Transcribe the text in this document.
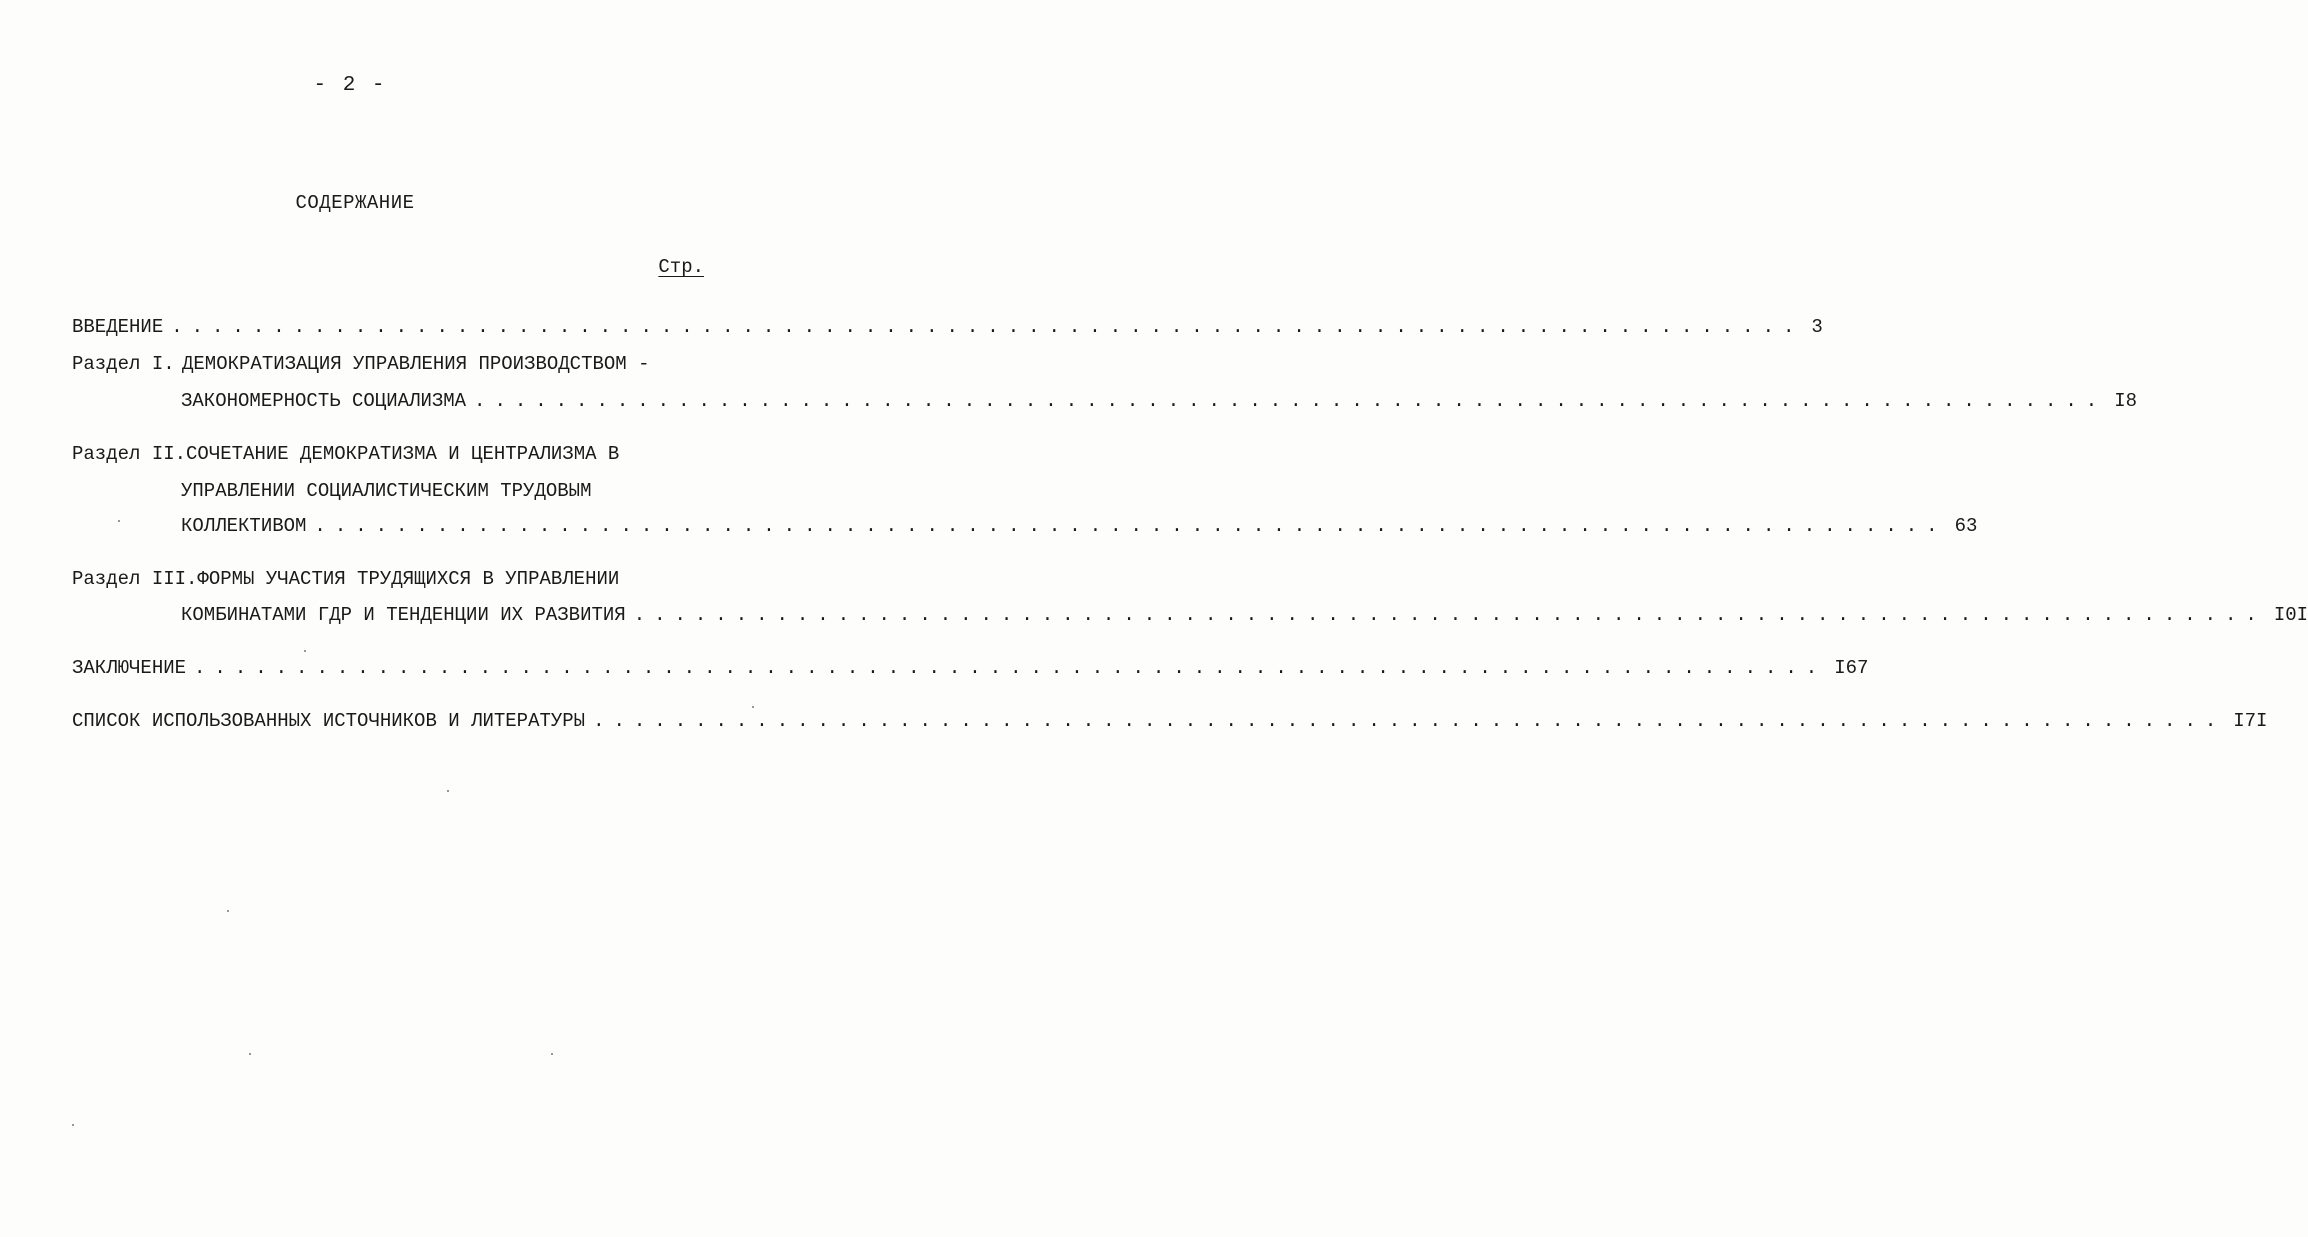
- 2 -
СОДЕРЖАНИЕ
Стр.
ВВЕДЕНИЕ ................................................................................ 3
Раздел I. ДЕМОКРАТИЗАЦИЯ УПРАВЛЕНИЯ ПРОИЗВОДСТВОМ -
ЗАКОНОМЕРНОСТЬ СОЦИАЛИЗМА ................................................................................ I8
Раздел II. СОЧЕТАНИЕ ДЕМОКРАТИЗМА И ЦЕНТРАЛИЗМА В
УПРАВЛЕНИИ СОЦИАЛИСТИЧЕСКИМ ТРУДОВЫМ
КОЛЛЕКТИВОМ ................................................................................ 63
Раздел III. ФОРМЫ УЧАСТИЯ ТРУДЯЩИХСЯ В УПРАВЛЕНИИ
КОМБИНАТАМИ ГДР И ТЕНДЕНЦИИ ИХ РАЗВИТИЯ ................................................................................ I0I
ЗАКЛЮЧЕНИЕ ................................................................................ I67
СПИСОК ИСПОЛЬЗОВАННЫХ ИСТОЧНИКОВ И ЛИТЕРАТУРЫ ................................................................................ I7I
